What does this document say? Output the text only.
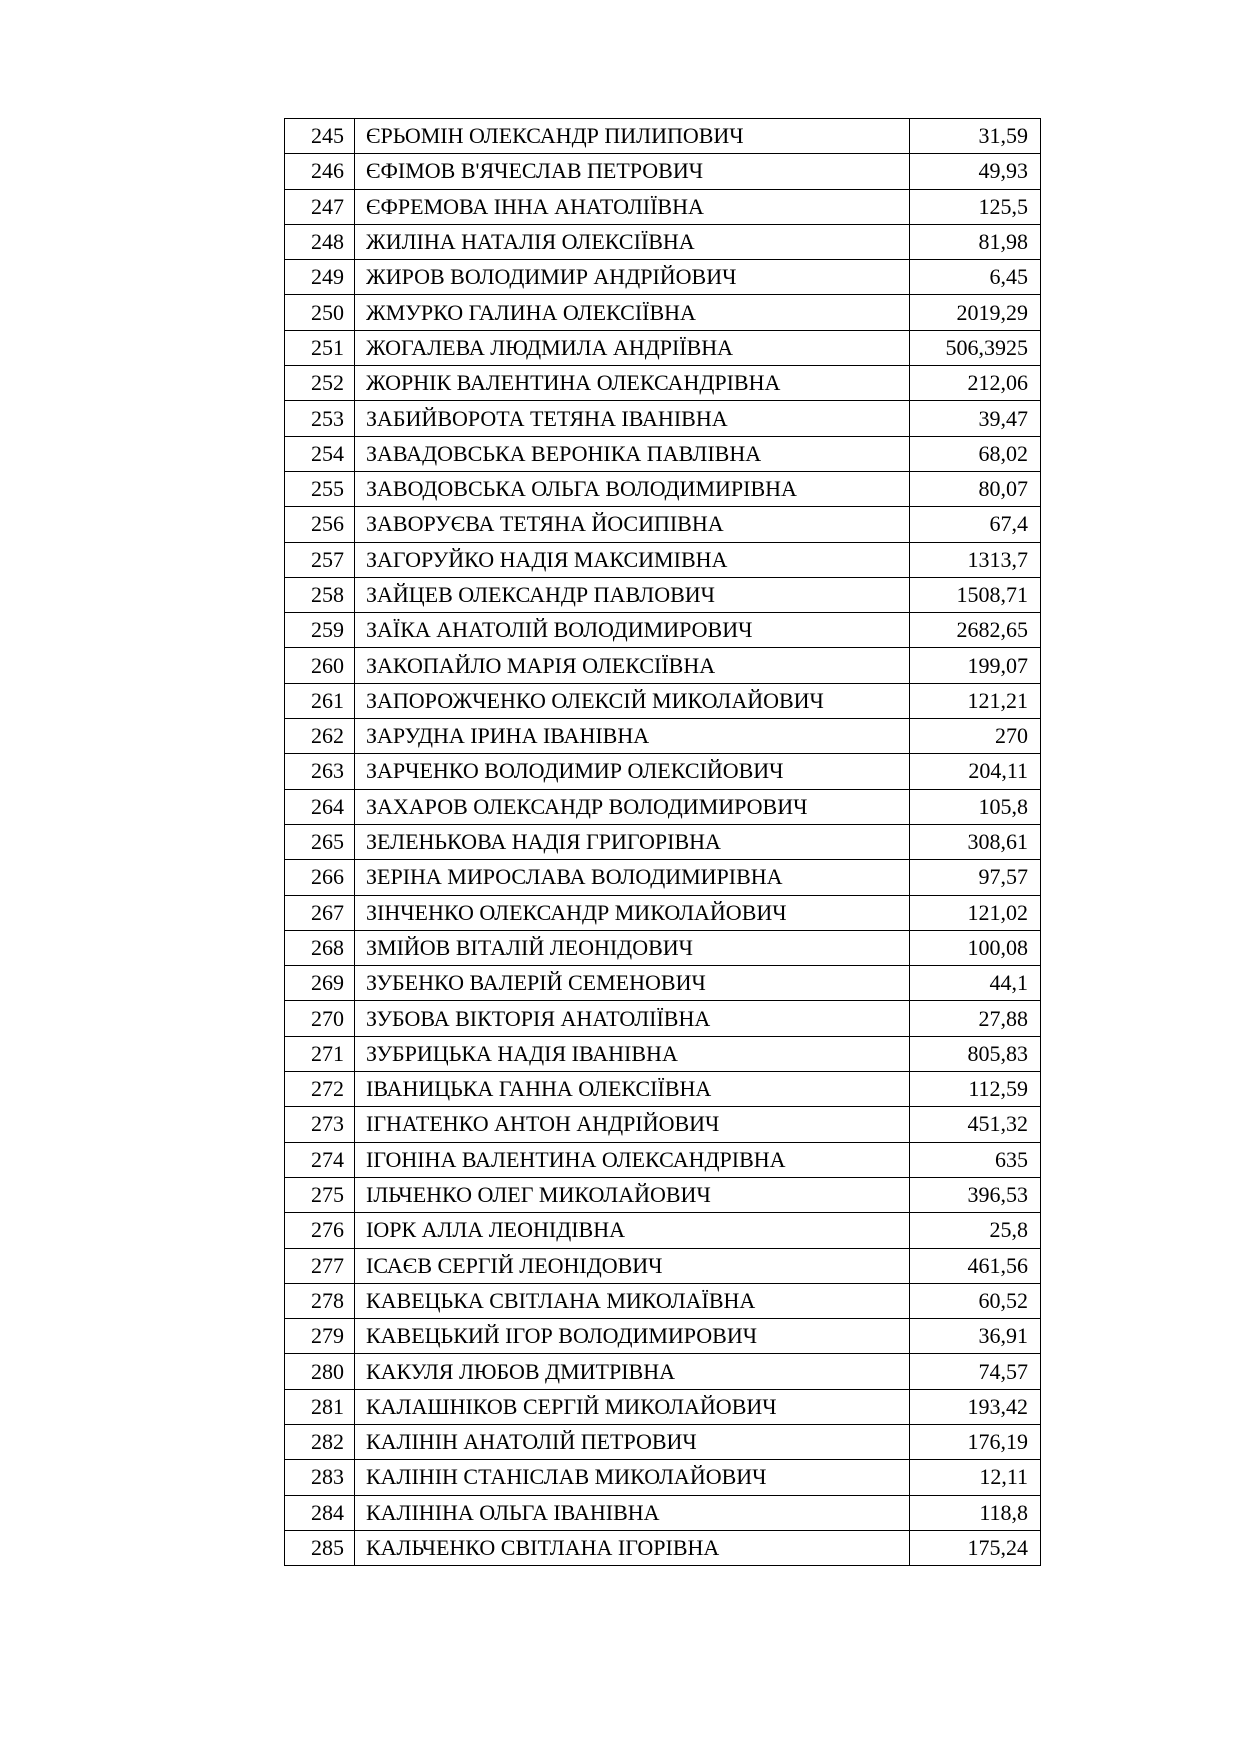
245	ЄРЬОМІН ОЛЕКСАНДР ПИЛИПОВИЧ	31,59
246	ЄФІМОВ В'ЯЧЕСЛАВ ПЕТРОВИЧ	49,93
247	ЄФРЕМОВА ІННА АНАТОЛІЇВНА	125,5
248	ЖИЛІНА НАТАЛІЯ ОЛЕКСІЇВНА	81,98
249	ЖИРОВ ВОЛОДИМИР АНДРІЙОВИЧ	6,45
250	ЖМУРКО ГАЛИНА ОЛЕКСІЇВНА	2019,29
251	ЖОГАЛЕВА ЛЮДМИЛА АНДРІЇВНА	506,3925
252	ЖОРНІК ВАЛЕНТИНА ОЛЕКСАНДРІВНА	212,06
253	ЗАБИЙВОРОТА ТЕТЯНА ІВАНІВНА	39,47
254	ЗАВАДОВСЬКА ВЕРОНІКА ПАВЛІВНА	68,02
255	ЗАВОДОВСЬКА ОЛЬГА ВОЛОДИМИРІВНА	80,07
256	ЗАВОРУЄВА ТЕТЯНА ЙОСИПІВНА	67,4
257	ЗАГОРУЙКО НАДІЯ МАКСИМІВНА	1313,7
258	ЗАЙЦЕВ ОЛЕКСАНДР ПАВЛОВИЧ	1508,71
259	ЗАЇКА АНАТОЛІЙ ВОЛОДИМИРОВИЧ	2682,65
260	ЗАКОПАЙЛО МАРІЯ ОЛЕКСІЇВНА	199,07
261	ЗАПОРОЖЧЕНКО ОЛЕКСІЙ МИКОЛАЙОВИЧ	121,21
262	ЗАРУДНА ІРИНА ІВАНІВНА	270
263	ЗАРЧЕНКО ВОЛОДИМИР ОЛЕКСІЙОВИЧ	204,11
264	ЗАХАРОВ ОЛЕКСАНДР ВОЛОДИМИРОВИЧ	105,8
265	ЗЕЛЕНЬКОВА НАДІЯ ГРИГОРІВНА	308,61
266	ЗЕРІНА МИРОСЛАВА ВОЛОДИМИРІВНА	97,57
267	ЗІНЧЕНКО ОЛЕКСАНДР МИКОЛАЙОВИЧ	121,02
268	ЗМІЙОВ ВІТАЛІЙ ЛЕОНІДОВИЧ	100,08
269	ЗУБЕНКО ВАЛЕРІЙ СЕМЕНОВИЧ	44,1
270	ЗУБОВА ВІКТОРІЯ АНАТОЛІЇВНА	27,88
271	ЗУБРИЦЬКА НАДІЯ ІВАНІВНА	805,83
272	ІВАНИЦЬКА ГАННА ОЛЕКСІЇВНА	112,59
273	ІГНАТЕНКО АНТОН АНДРІЙОВИЧ	451,32
274	ІГОНІНА ВАЛЕНТИНА ОЛЕКСАНДРІВНА	635
275	ІЛЬЧЕНКО ОЛЕГ МИКОЛАЙОВИЧ	396,53
276	ІОРК АЛЛА ЛЕОНІДІВНА	25,8
277	ІСАЄВ СЕРГІЙ ЛЕОНІДОВИЧ	461,56
278	КАВЕЦЬКА СВІТЛАНА МИКОЛАЇВНА	60,52
279	КАВЕЦЬКИЙ ІГОР ВОЛОДИМИРОВИЧ	36,91
280	КАКУЛЯ ЛЮБОВ ДМИТРІВНА	74,57
281	КАЛАШНІКОВ СЕРГІЙ МИКОЛАЙОВИЧ	193,42
282	КАЛІНІН АНАТОЛІЙ ПЕТРОВИЧ	176,19
283	КАЛІНІН СТАНІСЛАВ МИКОЛАЙОВИЧ	12,11
284	КАЛІНІНА ОЛЬГА ІВАНІВНА	118,8
285	КАЛЬЧЕНКО СВІТЛАНА ІГОРІВНА	175,24
